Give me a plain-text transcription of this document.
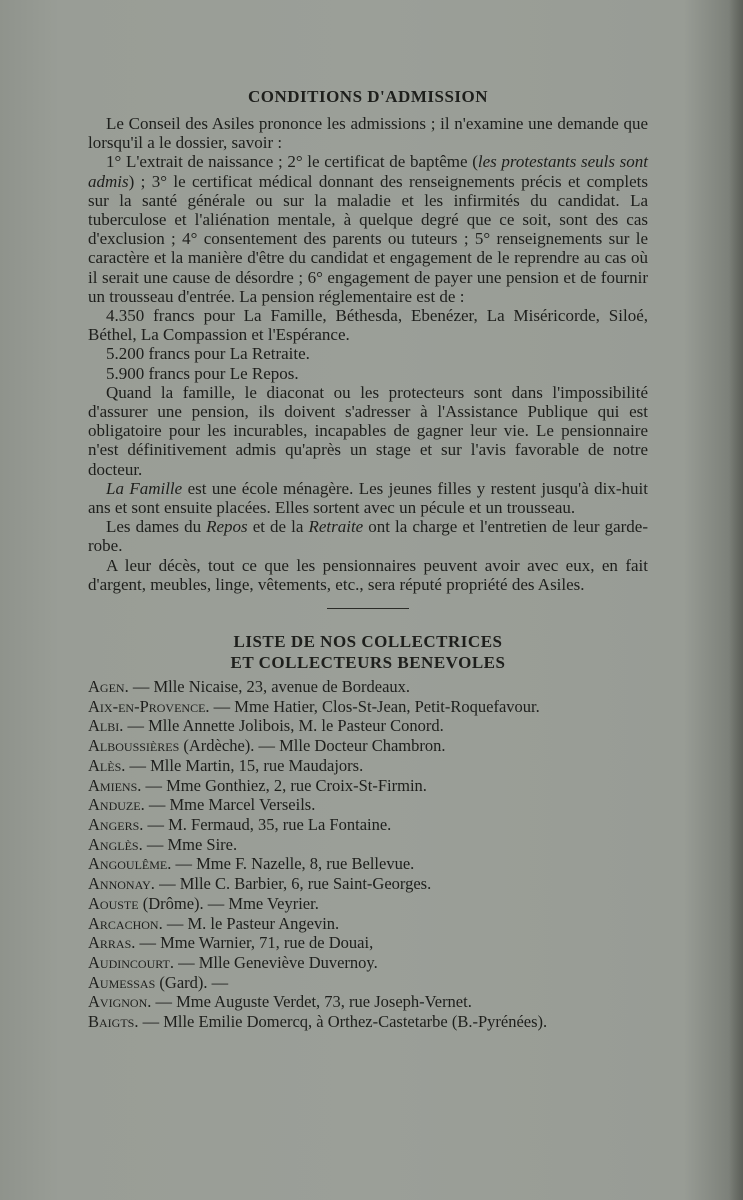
CONDITIONS D'ADMISSION

Le Conseil des Asiles prononce les admissions ; il n'examine une demande que lorsqu'il a le dossier, savoir :

1° L'extrait de naissance ; 2° le certificat de baptême (les protestants seuls sont admis) ; 3° le certificat médical donnant des renseignements précis et complets sur la santé générale ou sur la maladie et les infirmités du candidat. La tuberculose et l'aliénation mentale, à quelque degré que ce soit, sont des cas d'exclusion ; 4° consentement des parents ou tuteurs ; 5° renseignements sur le caractère et la manière d'être du candidat et engagement de le reprendre au cas où il serait une cause de désordre ; 6° engagement de payer une pension et de fournir un trousseau d'entrée. La pension réglementaire est de :

4.350 francs pour La Famille, Béthesda, Ebenézer, La Miséricorde, Siloé, Béthel, La Compassion et l'Espérance.

5.200 francs pour La Retraite.

5.900 francs pour Le Repos.

Quand la famille, le diaconat ou les protecteurs sont dans l'impossibilité d'assurer une pension, ils doivent s'adresser à l'Assistance Publique qui est obligatoire pour les incurables, incapables de gagner leur vie. Le pensionnaire n'est définitivement admis qu'après un stage et sur l'avis favorable de notre docteur.

La Famille est une école ménagère. Les jeunes filles y restent jusqu'à dix-huit ans et sont ensuite placées. Elles sortent avec un pécule et un trousseau.

Les dames du Repos et de la Retraite ont la charge et l'entretien de leur garde-robe.

A leur décès, tout ce que les pensionnaires peuvent avoir avec eux, en fait d'argent, meubles, linge, vêtements, etc., sera réputé propriété des Asiles.

LISTE DE NOS COLLECTRICES
ET COLLECTEURS BENEVOLES
Agen. — Mlle Nicaise, 23, avenue de Bordeaux.
Aix-en-Provence. — Mme Hatier, Clos-St-Jean, Petit-Roquefavour.
Albi. — Mlle Annette Jolibois, M. le Pasteur Conord.
Alboussières (Ardèche). — Mlle Docteur Chambron.
Alès. — Mlle Martin, 15, rue Maudajors.
Amiens. — Mme Gonthiez, 2, rue Croix-St-Firmin.
Anduze. — Mme Marcel Verseils.
Angers. — M. Fermaud, 35, rue La Fontaine.
Anglès. — Mme Sire.
Angoulême. — Mme F. Nazelle, 8, rue Bellevue.
Annonay. — Mlle C. Barbier, 6, rue Saint-Georges.
Aouste (Drôme). — Mme Veyrier.
Arcachon. — M. le Pasteur Angevin.
Arras. — Mme Warnier, 71, rue de Douai,
Audincourt. — Mlle Geneviève Duvernoy.
Aumessas (Gard). —
Avignon. — Mme Auguste Verdet, 73, rue Joseph-Vernet.
Baigts. — Mlle Emilie Domercq, à Orthez-Castetarbe (B.-Pyrénées).
